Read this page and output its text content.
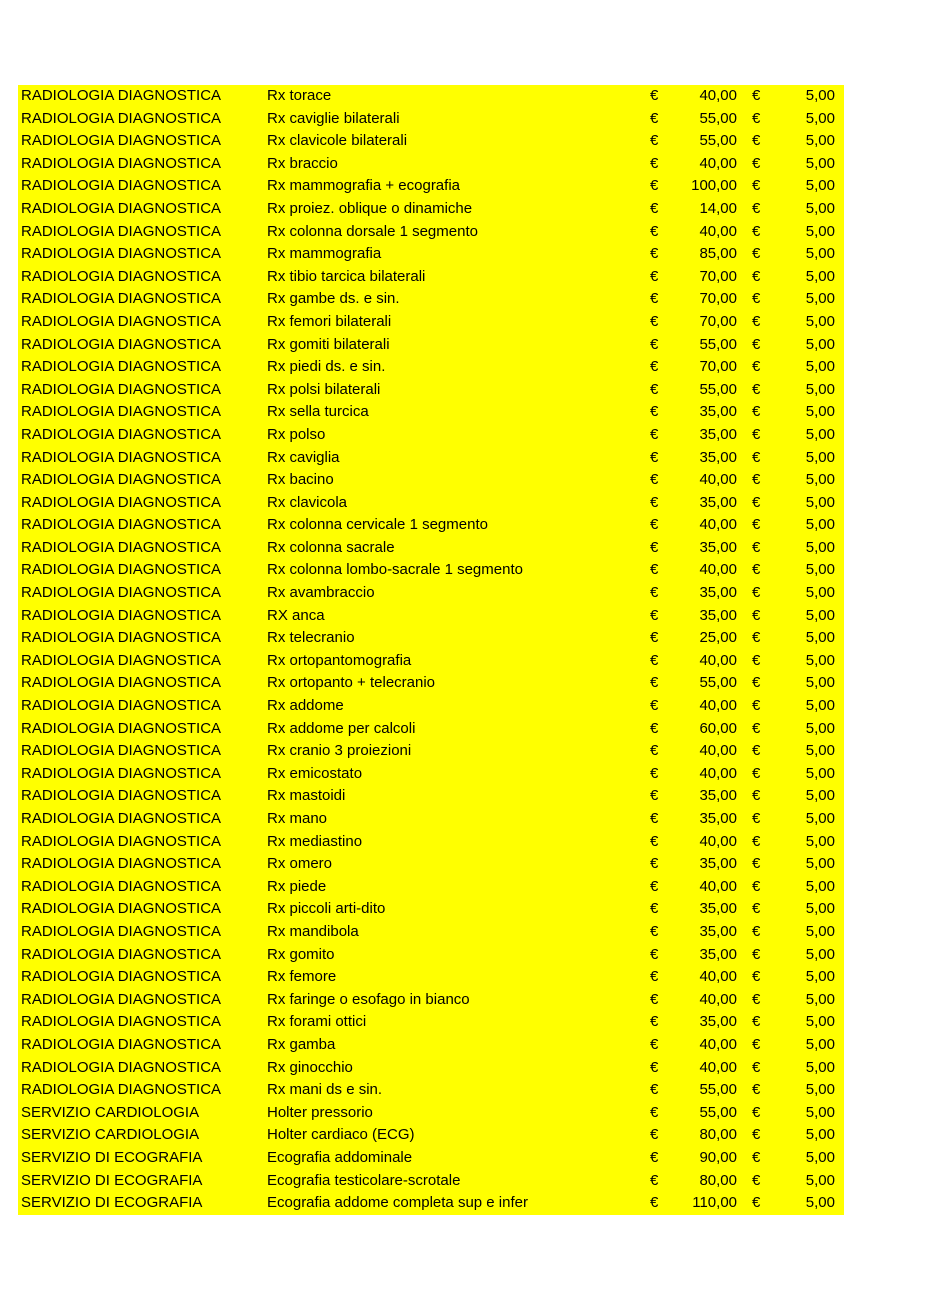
RADIOLOGIA DIAGNOSTICA	Rx torace	€	40,00 €	5,00
RADIOLOGIA DIAGNOSTICA	Rx caviglie bilaterali	€	55,00 €	5,00
RADIOLOGIA DIAGNOSTICA	Rx clavicole bilaterali	€	55,00 €	5,00
RADIOLOGIA DIAGNOSTICA	Rx braccio	€	40,00 €	5,00
RADIOLOGIA DIAGNOSTICA	Rx mammografia + ecografia	€	100,00 €	5,00
RADIOLOGIA DIAGNOSTICA	Rx proiez. oblique o dinamiche	€	14,00 €	5,00
RADIOLOGIA DIAGNOSTICA	Rx colonna dorsale 1 segmento	€	40,00 €	5,00
RADIOLOGIA DIAGNOSTICA	Rx mammografia	€	85,00 €	5,00
RADIOLOGIA DIAGNOSTICA	Rx tibio tarcica bilaterali	€	70,00 €	5,00
RADIOLOGIA DIAGNOSTICA	Rx gambe ds. e sin.	€	70,00 €	5,00
RADIOLOGIA DIAGNOSTICA	Rx femori bilaterali	€	70,00 €	5,00
RADIOLOGIA DIAGNOSTICA	Rx gomiti bilaterali	€	55,00 €	5,00
RADIOLOGIA DIAGNOSTICA	Rx piedi ds. e sin.	€	70,00 €	5,00
RADIOLOGIA DIAGNOSTICA	Rx polsi bilaterali	€	55,00 €	5,00
RADIOLOGIA DIAGNOSTICA	Rx sella turcica	€	35,00 €	5,00
RADIOLOGIA DIAGNOSTICA	Rx polso	€	35,00 €	5,00
RADIOLOGIA DIAGNOSTICA	Rx caviglia	€	35,00 €	5,00
RADIOLOGIA DIAGNOSTICA	Rx bacino	€	40,00 €	5,00
RADIOLOGIA DIAGNOSTICA	Rx clavicola	€	35,00 €	5,00
RADIOLOGIA DIAGNOSTICA	Rx colonna cervicale 1 segmento	€	40,00 €	5,00
RADIOLOGIA DIAGNOSTICA	Rx colonna sacrale	€	35,00 €	5,00
RADIOLOGIA DIAGNOSTICA	Rx colonna lombo-sacrale 1 segmento	€	40,00 €	5,00
RADIOLOGIA DIAGNOSTICA	Rx avambraccio	€	35,00 €	5,00
RADIOLOGIA DIAGNOSTICA	RX anca	€	35,00 €	5,00
RADIOLOGIA DIAGNOSTICA	Rx telecranio	€	25,00 €	5,00
RADIOLOGIA DIAGNOSTICA	Rx ortopantomografia	€	40,00 €	5,00
RADIOLOGIA DIAGNOSTICA	Rx ortopanto + telecranio	€	55,00 €	5,00
RADIOLOGIA DIAGNOSTICA	Rx addome	€	40,00 €	5,00
RADIOLOGIA DIAGNOSTICA	Rx addome per calcoli	€	60,00 €	5,00
RADIOLOGIA DIAGNOSTICA	Rx cranio 3 proiezioni	€	40,00 €	5,00
RADIOLOGIA DIAGNOSTICA	Rx emicostato	€	40,00 €	5,00
RADIOLOGIA DIAGNOSTICA	Rx mastoidi	€	35,00 €	5,00
RADIOLOGIA DIAGNOSTICA	Rx mano	€	35,00 €	5,00
RADIOLOGIA DIAGNOSTICA	Rx mediastino	€	40,00 €	5,00
RADIOLOGIA DIAGNOSTICA	Rx omero	€	35,00 €	5,00
RADIOLOGIA DIAGNOSTICA	Rx piede	€	40,00 €	5,00
RADIOLOGIA DIAGNOSTICA	Rx piccoli arti-dito	€	35,00 €	5,00
RADIOLOGIA DIAGNOSTICA	Rx mandibola	€	35,00 €	5,00
RADIOLOGIA DIAGNOSTICA	Rx gomito	€	35,00 €	5,00
RADIOLOGIA DIAGNOSTICA	Rx femore	€	40,00 €	5,00
RADIOLOGIA DIAGNOSTICA	Rx faringe o esofago in bianco	€	40,00 €	5,00
RADIOLOGIA DIAGNOSTICA	Rx forami ottici	€	35,00 €	5,00
RADIOLOGIA DIAGNOSTICA	Rx gamba	€	40,00 €	5,00
RADIOLOGIA DIAGNOSTICA	Rx ginocchio	€	40,00 €	5,00
RADIOLOGIA DIAGNOSTICA	Rx mani ds e sin.	€	55,00 €	5,00
SERVIZIO CARDIOLOGIA	Holter pressorio	€	55,00 €	5,00
SERVIZIO CARDIOLOGIA	Holter cardiaco (ECG)	€	80,00 €	5,00
SERVIZIO DI ECOGRAFIA	Ecografia addominale	€	90,00 €	5,00
SERVIZIO DI ECOGRAFIA	Ecografia testicolare-scrotale	€	80,00 €	5,00
SERVIZIO DI ECOGRAFIA	Ecografia addome completa sup e infer	€	110,00 €	5,00
